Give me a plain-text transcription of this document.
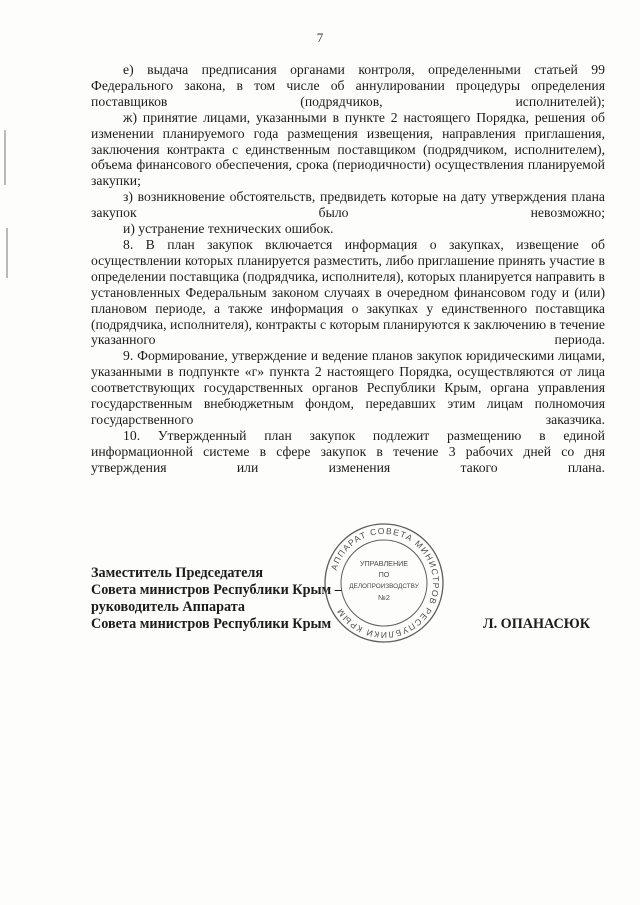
7

е) выдача предписания органами контроля, определенными статьей 99 Федерального закона, в том числе об аннулировании процедуры определения поставщиков (подрядчиков, исполнителей);

ж) принятие лицами, указанными в пункте 2 настоящего Порядка, решения об изменении планируемого года размещения извещения, направления приглашения, заключения контракта с единственным поставщиком (подрядчиком, исполнителем), объема финансового обеспечения, срока (периодичности) осуществления планируемой закупки;

з) возникновение обстоятельств, предвидеть которые на дату утверждения плана закупок было невозможно;

и) устранение технических ошибок.

8. В план закупок включается информация о закупках, извещение об осуществлении которых планируется разместить, либо приглашение принять участие в определении поставщика (подрядчика, исполнителя), которых планируется направить в установленных Федеральным законом случаях в очередном финансовом году и (или) плановом периоде, а также информация о закупках у единственного поставщика (подрядчика, исполнителя), контракты с которым планируются к заключению в течение указанного периода.

9. Формирование, утверждение и ведение планов закупок юридическими лицами, указанными в подпункте «г» пункта 2 настоящего Порядка, осуществляются от лица соответствующих государственных органов Республики Крым, органа управления государственным внебюджетным фондом, передавших этим лицам полномочия государственного заказчика.

10. Утвержденный план закупок подлежит размещению в единой информационной системе в сфере закупок в течение 3 рабочих дней со дня утверждения или изменения такого плана.

Заместитель Председателя
Совета министров Республики Крым –
руководитель Аппарата
Совета министров Республики Крым	Л. ОПАНАСЮК
АППАРАТ СОВЕТА МИНИСТРОВ РЕСПУБЛИКИ КРЫМ
УПРАВЛЕНИЕ
ПО
ДЕЛОПРОИЗВОДСТВУ
№2
